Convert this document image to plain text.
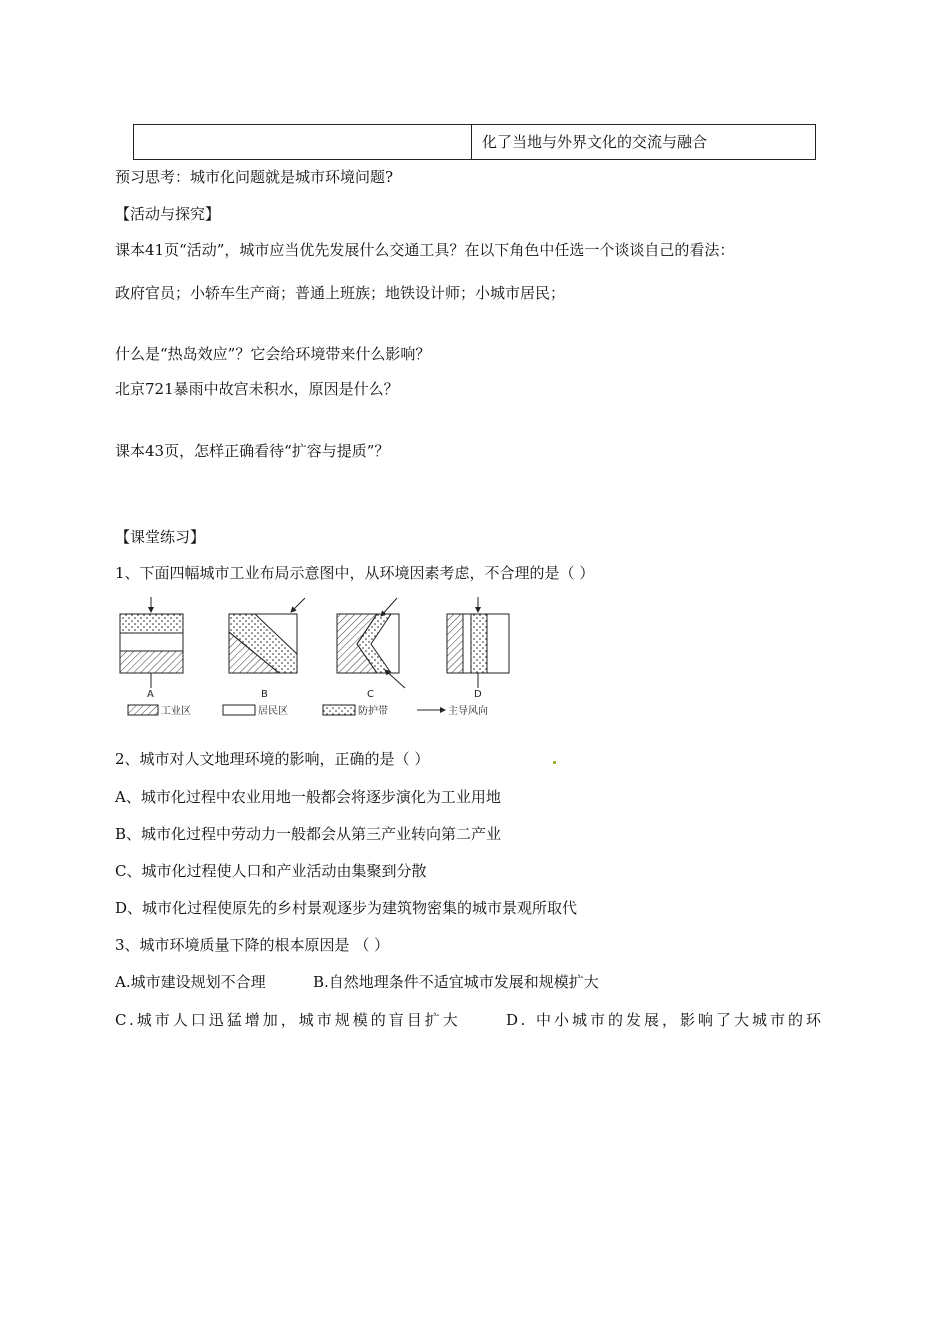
化了当地与外界文化的交流与融合
预习思考：城市化问题就是城市环境问题?
【活动与探究】
课本41页“活动”，城市应当优先发展什么交通工具？在以下角色中任选一个谈谈自己的看法：
政府官员；小轿车生产商；普通上班族；地铁设计师；小城市居民；
什么是“热岛效应”？它会给环境带来什么影响？
北京721暴雨中故宫未积水，原因是什么？
课本43页，怎样正确看待“扩容与提质”？
【课堂练习】
1、下面四幅城市工业布局示意图中，从环境因素考虑，不合理的是（ ）
A	B	C	D
工业区	居民区	防护带	主导风向
2、城市对人文地理环境的影响，正确的是（ ）
A、城市化过程中农业用地一般都会将逐步演化为工业用地
B、城市化过程中劳动力一般都会从第三产业转向第二产业
C、城市化过程使人口和产业活动由集聚到分散
D、城市化过程使原先的乡村景观逐步为建筑物密集的城市景观所取代
3、城市环境质量下降的根本原因是 （ ）
A.城市建设规划不合理	B.自然地理条件不适宜城市发展和规模扩大
C.城市人口迅猛增加，城市规模的盲目扩大	D. 中小城市的发展，影响了大城市的环
